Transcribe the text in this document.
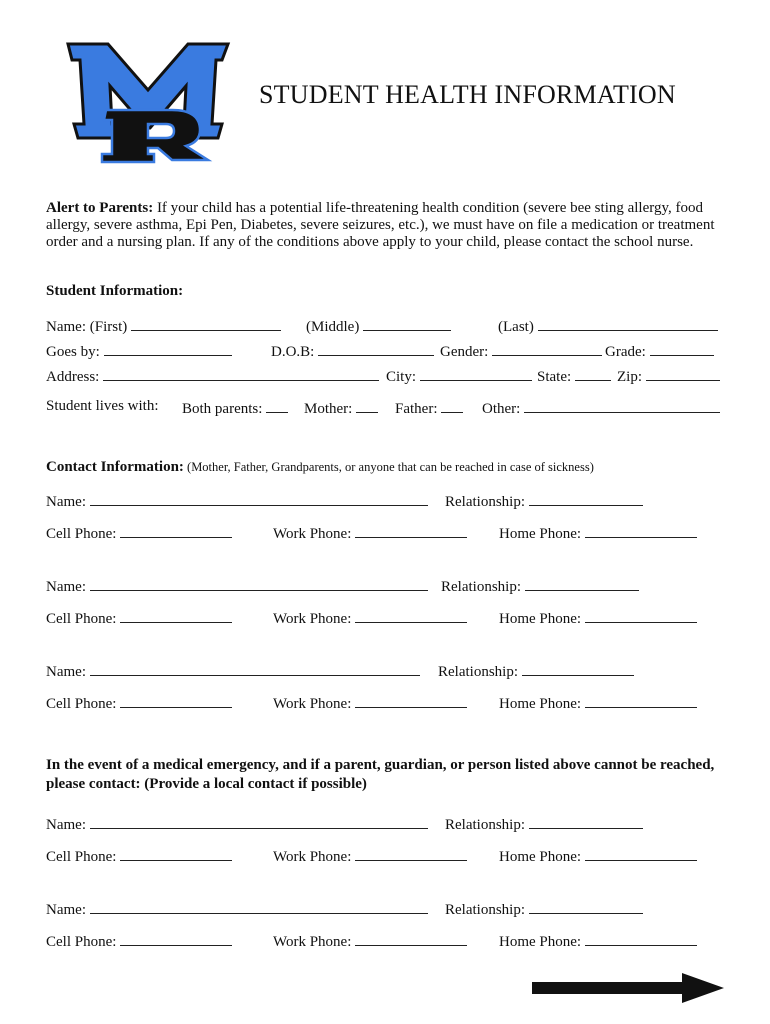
STUDENT HEALTH INFORMATION
Alert to Parents: If your child has a potential life-threatening health condition (severe bee sting allergy, food allergy, severe asthma, Epi Pen, Diabetes, severe seizures, etc.), we must have on file a medication or treatment order and a nursing plan. If any of the conditions above apply to your child, please contact the school nurse.
Student Information:
Name: (First)	(Middle)	(Last)
Goes by:	D.O.B:	Gender:	Grade:
Address:	City:	State:	Zip:
Student lives with: Both parents:	Mother:	Father:	Other:
Contact Information: (Mother, Father, Grandparents, or anyone that can be reached in case of sickness)
Name:	Relationship:
Cell Phone:	Work Phone:	Home Phone:
Name:	Relationship:
Cell Phone:	Work Phone:	Home Phone:
Name:	Relationship:
Cell Phone:	Work Phone:	Home Phone:
In the event of a medical emergency, and if a parent, guardian, or person listed above cannot be reached, please contact: (Provide a local contact if possible)
Name:	Relationship:
Cell Phone:	Work Phone:	Home Phone:
Name:	Relationship:
Cell Phone:	Work Phone:	Home Phone:
